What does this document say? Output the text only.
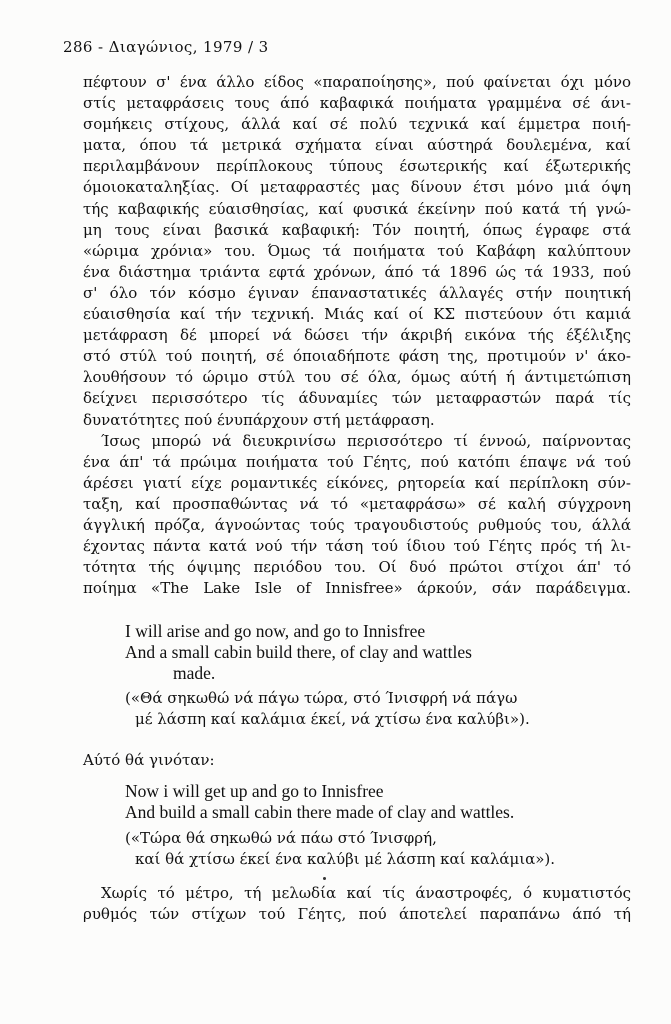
286 - Διαγώνιος, 1979 / 3
πέφτουν σ' ένα άλλο είδος «παραποίησης», πού φαίνεται όχι μόνο
στίς μεταφράσεις τους άπό καβαφικά ποιήματα γραμμένα σέ άνι-
σομήκεις στίχους, άλλά καί σέ πολύ τεχνικά καί έμμετρα ποιή-
ματα, όπου τά μετρικά σχήματα είναι αύστηρά δουλεμένα, καί
περιλαμβάνουν περίπλοκους τύπους έσωτερικής καί έξωτερικής
όμοιοκαταληξίας. Οί μεταφραστές μας δίνουν έτσι μόνο μιά όψη
τής καβαφικής εύαισθησίας, καί φυσικά έκείνην πού κατά τή γνώ-
μη τους είναι βασικά καβαφική: Τόν ποιητή, όπως έγραφε στά
«ώριμα χρόνια» του. Όμως τά ποιήματα τού Καβάφη καλύπτουν
ένα διάστημα τριάντα εφτά χρόνων, άπό τά 1896 ώς τά 1933, πού
σ' όλο τόν κόσμο έγιναν έπαναστατικές άλλαγές στήν ποιητική
εύαισθησία καί τήν τεχνική. Μιάς καί οί ΚΣ πιστεύουν ότι καμιά
μετάφραση δέ μπορεί νά δώσει τήν άκριβή εικόνα τής έξέλιξης
στό στύλ τού ποιητή, σέ όποιαδήποτε φάση της, προτιμούν ν' άκο-
λουθήσουν τό ώριμο στύλ του σέ όλα, όμως αύτή ή άντιμετώπιση
δείχνει περισσότερο τίς άδυναμίες τών μεταφραστών παρά τίς
δυνατότητες πού ένυπάρχουν στή μετάφραση.
Ίσως μπορώ νά διευκρινίσω περισσότερο τί έννοώ, παίρνοντας
ένα άπ' τά πρώιμα ποιήματα τού Γέητς, πού κατόπι έπαψε νά τού
άρέσει γιατί είχε ρομαντικές είκόνες, ρητορεία καί περίπλοκη σύν-
ταξη, καί προσπαθώντας νά τό «μεταφράσω» σέ καλή σύγχρονη
άγγλική πρόζα, άγνοώντας τούς τραγουδιστούς ρυθμούς του, άλλά
έχοντας πάντα κατά νού τήν τάση τού ίδιου τού Γέητς πρός τή λι-
τότητα τής όψιμης περιόδου του. Οί δυό πρώτοι στίχοι άπ' τό
ποίημα «The Lake Isle of Innisfree» άρκούν, σάν παράδειγμα.
I will arise and go now, and go to Innisfree
And a small cabin build there, of clay and wattles
made.
(«Θά σηκωθώ νά πάγω τώρα, στό Ίνισφρή νά πάγω
μέ λάσπη καί καλάμια έκεί, νά χτίσω ένα καλύβι»).
Αύτό θά γινόταν:
Now i will get up and go to Innisfree
And build a small cabin there made of clay and wattles.
(«Τώρα θά σηκωθώ νά πάω στό Ίνισφρή,
καί θά χτίσω έκεί ένα καλύβι μέ λάσπη καί καλάμια»).
Χωρίς τό μέτρο, τή μελωδία καί τίς άναστροφές, ό κυματιστός
ρυθμός τών στίχων τού Γέητς, πού άποτελεί παραπάνω άπό τή
